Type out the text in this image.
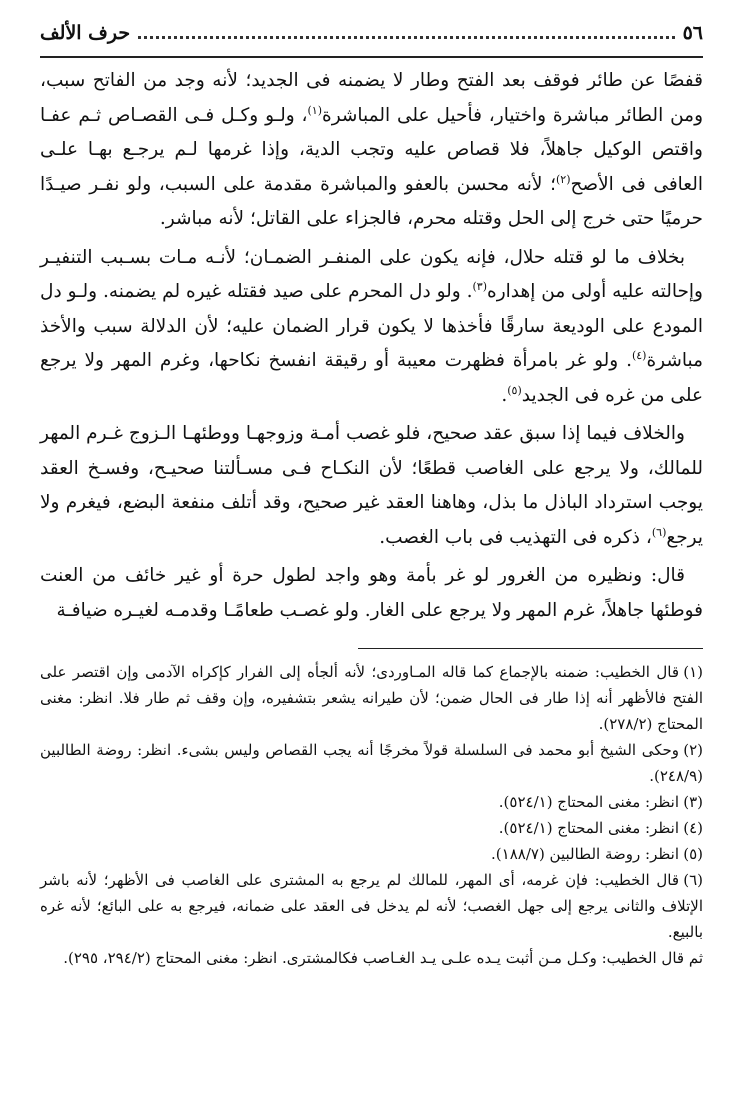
٥٦
حرف الألف

قفصًا عن طائر فوقف بعد الفتح وطار لا يضمنه فى الجديد؛ لأنه وجد من الفاتح سبب، ومن الطائر مباشرة واختيار، فأحيل على المباشرة$^{(١)}$، ولـو وكـل فـى القصـاص ثـم عفـا واقتص الوكيل جاهلاً، فلا قصاص عليه وتجب الدية، وإذا غرمها لـم يرجـع بهـا علـى العافى فى الأصح$^{(٢)}$؛ لأنه محسن بالعفو والمباشرة مقدمة على السبب، ولو نفـر صيـدًا حرميًا حتى خرج إلى الحل وقتله محرم، فالجزاء على القاتل؛ لأنه مباشر.

بخلاف ما لو قتله حلال، فإنه يكون على المنفـر الضمـان؛ لأنـه مـات بسـبب التنفيـر وإحالته عليه أولى من إهداره$^{(٣)}$. ولو دل المحرم على صيد فقتله غيره لم يضمنه. ولـو دل المودع على الوديعة سارقًا فأخذها لا يكون قرار الضمان عليه؛ لأن الدلالة سبب والأخذ مباشرة$^{(٤)}$. ولو غر بامرأة فظهرت معيبة أو رقيقة انفسخ نكاحها، وغرم المهر ولا يرجع على من غره فى الجديد$^{(٥)}$.

والخلاف فيما إذا سبق عقد صحيح، فلو غصب أمـة وزوجهـا ووطئهـا الـزوج غـرم المهر للمالك، ولا يرجع على الغاصب قطعًا؛ لأن النكـاح فـى مسـألتنا صحيـح، وفسـخ العقد يوجب استرداد الباذل ما بذل، وهاهنا العقد غير صحيح، وقد أتلف منفعة البضع، فيغرم ولا يرجع$^{(٦)}$، ذكره فى التهذيب فى باب الغصب.

قال: ونظيره من الغرور لو غر بأمة وهو واجد لطول حرة أو غير خائف من العنت فوطئها جاهلاً، غرم المهر ولا يرجع على الغار. ولو غصـب طعامًـا وقدمـه لغيـره ضيافـة

(١)قال الخطيب: ضمنه بالإجماع كما قاله المـاوردى؛ لأنه ألجأه إلى الفرار كإكراه الآدمى وإن اقتصر على الفتح فالأظهر أنه إذا طار فى الحال ضمن؛ لأن طيرانه يشعر بتشفيره، وإن وقف ثم طار فلا. انظر: مغنى المحتاج (٢٧٨/٢).

(٢)وحكى الشيخ أبو محمد فى السلسلة قولاً مخرجًا أنه يجب القصاص وليس بشىء. انظر: روضة الطالبين (٢٤٨/٩).

(٣)انظر: مغنى المحتاج (٥٢٤/١).

(٤)انظر: مغنى المحتاج (٥٢٤/١).

(٥)انظر: روضة الطالبين (١٨٨/٧).

(٦)قال الخطيب: فإن غرمه، أى المهر، للمالك لم يرجع به المشترى على الغاصب فى الأظهر؛ لأنه باشر الإتلاف والثانى يرجع إلى جهل الغصب؛ لأنه لم يدخل فى العقد على ضمانه، فيرجع به على البائع؛ لأنه غره بالبيع.

ثم قال الخطيب: وكـل مـن أثبت يـده علـى يـد الغـاصب فكالمشترى. انظر: مغنى المحتاج (٢٩٤/٢، ٢٩٥).
